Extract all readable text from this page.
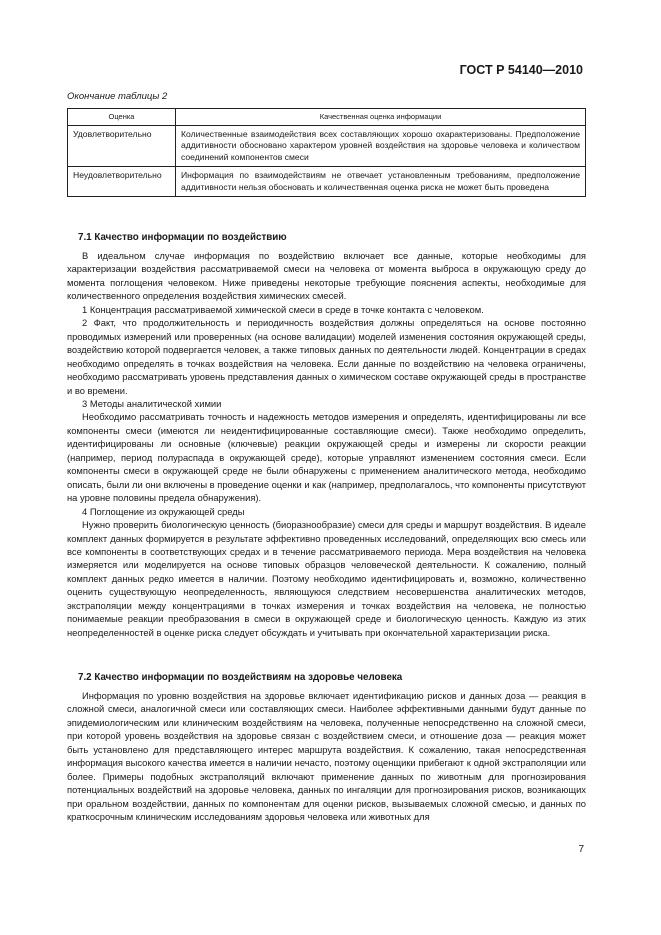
ГОСТ Р 54140—2010
Окончание таблицы 2
Оценка	Качественная оценка информации
Удовлетворительно	Количественные взаимодействия всех составляющих хорошо охарактеризованы. Предположение аддитивности обосновано характером уровней воздействия на здоровье человека и количеством соединений компонентов смеси
Неудовлетворительно	Информация по взаимодействиям не отвечает установленным требованиям, предположение аддитивности нельзя обосновать и количественная оценка риска не может быть проведена
7.1 Качество информации по воздействию

В идеальном случае информация по воздействию включает все данные, которые необходимы для характеризации воздействия рассматриваемой смеси на человека от момента выброса в окружающую среду до момента поглощения человеком. Ниже приведены некоторые требующие пояснения аспекты, необходимые для количественного определения воздействия химических смесей.

1 Концентрация рассматриваемой химической смеси в среде в точке контакта с человеком.

2 Факт, что продолжительность и периодичность воздействия должны определяться на основе постоянно проводимых измерений или проверенных (на основе валидации) моделей изменения состояния окружающей среды, воздействию которой подвергается человек, а также типовых данных по деятельности людей. Концентрации в средах необходимо определять в точках воздействия на человека. Если данные по воздействию на человека ограничены, необходимо рассматривать уровень представления данных о химическом составе окружающей среды в пространстве и во времени.

3 Методы аналитической химии

Необходимо рассматривать точность и надежность методов измерения и определять, идентифицированы ли все компоненты смеси (имеются ли неидентифицированные составляющие смеси). Также необходимо определить, идентифицированы ли основные (ключевые) реакции окружающей среды и измерены ли скорости реакции (например, период полураспада в окружающей среде), которые управляют изменением состояния смеси. Если компоненты смеси в окружающей среде не были обнаружены с применением аналитического метода, необходимо описать, были ли они включены в проведение оценки и как (например, предполагалось, что компоненты присутствуют на уровне половины предела обнаружения).

4 Поглощение из окружающей среды

Нужно проверить биологическую ценность (биоразнообразие) смеси для среды и маршрут воздействия. В идеале комплект данных формируется в результате эффективно проведенных исследований, определяющих всю смесь или все компоненты в соответствующих средах и в течение рассматриваемого периода. Мера воздействия на человека измеряется или моделируется на основе типовых образцов человеческой деятельности. К сожалению, полный комплект данных редко имеется в наличии. Поэтому необходимо идентифицировать и, возможно, количественно оценить существующую неопределенность, являющуюся следствием несовершенства аналитических методов, экстраполяции между концентрациями в точках измерения и точках воздействия на человека, не полностью понимаемые реакции преобразования в смеси в окружающей среде и биологическую ценность. Каждую из этих неопределенностей в оценке риска следует обсуждать и учитывать при окончательной характеризации риска.

7.2 Качество информации по воздействиям на здоровье человека

Информация по уровню воздействия на здоровье включает идентификацию рисков и данных доза — реакция в сложной смеси, аналогичной смеси или составляющих смеси. Наиболее эффективными данными будут данные по эпидемиологическим или клиническим воздействиям на человека, полученные непосредственно на сложной смеси, при которой уровень воздействия на здоровье связан с воздействием смеси, и отношение доза — реакция может быть установлено для представляющего интерес маршрута воздействия. К сожалению, такая непосредственная информация высокого качества имеется в наличии нечасто, поэтому оценщики прибегают к одной экстраполяции или более. Примеры подобных экстраполяций включают применение данных по животным для прогнозирования потенциальных воздействий на здоровье человека, данных по ингаляции для прогнозирования рисков, возникающих при оральном воздействии, данных по компонентам для оценки рисков, вызываемых сложной смесью, и данных по краткосрочным клиническим исследованиям здоровья человека или животных для

7
